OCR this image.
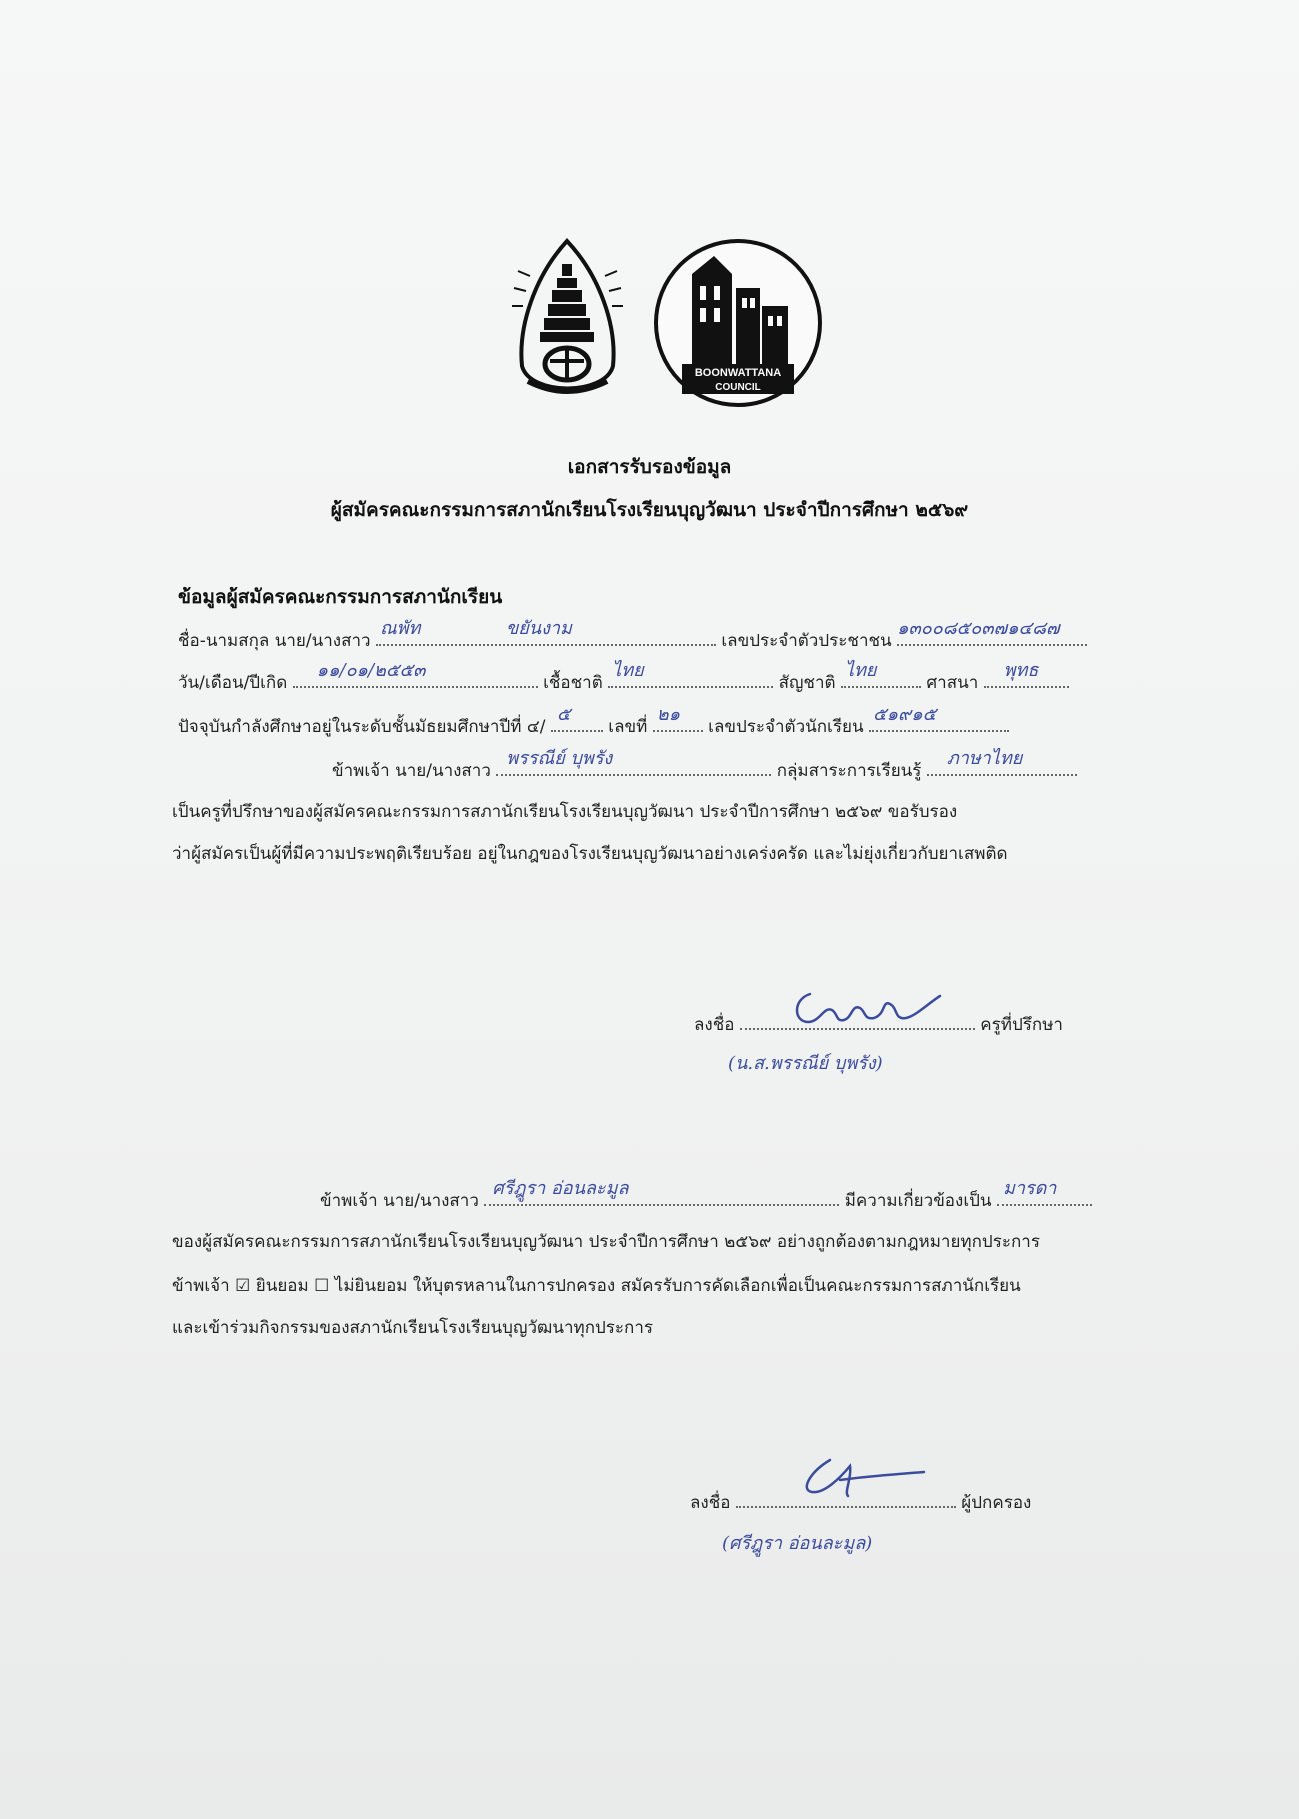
BOONWATTANA
COUNCIL
เอกสารรับรองข้อมูล
ผู้สมัครคณะกรรมการสภานักเรียนโรงเรียนบุญวัฒนา ประจำปีการศึกษา ๒๕๖๙
ข้อมูลผู้สมัครคณะกรรมการสภานักเรียน
ชื่อ-นามสกุล นาย/นางสาว
ณพัท	ขยันงาม
เลขประจำตัวประชาชน
๑๓๐๐๘๕๐๓๗๑๔๘๗
วัน/เดือน/ปีเกิด
๑๑/๐๑/๒๕๕๓
เชื้อชาติ
ไทย
สัญชาติ
ไทย
ศาสนา
พุทธ
ปัจจุบันกำลังศึกษาอยู่ในระดับชั้นมัธยมศึกษาปีที่ ๔/
๕
เลขที่
๒๑
เลขประจำตัวนักเรียน
๕๑๙๑๕
ข้าพเจ้า นาย/นางสาว
พรรณีย์ บุพรัง
กลุ่มสาระการเรียนรู้
ภาษาไทย
เป็นครูที่ปรึกษาของผู้สมัครคณะกรรมการสภานักเรียนโรงเรียนบุญวัฒนา ประจำปีการศึกษา ๒๕๖๙ ขอรับรอง
ว่าผู้สมัครเป็นผู้ที่มีความประพฤติเรียบร้อย อยู่ในกฎของโรงเรียนบุญวัฒนาอย่างเคร่งครัด และไม่ยุ่งเกี่ยวกับยาเสพติด
ลงชื่อ	ครูที่ปรึกษา
(น.ส.พรรณีย์ บุพรัง)
ข้าพเจ้า นาย/นางสาว
ศรีฎูรา อ่อนละมูล
มีความเกี่ยวข้องเป็น
มารดา
ของผู้สมัครคณะกรรมการสภานักเรียนโรงเรียนบุญวัฒนา ประจำปีการศึกษา ๒๕๖๙ อย่างถูกต้องตามกฎหมายทุกประการ
ข้าพเจ้า ☑ ยินยอม ☐ ไม่ยินยอม ให้บุตรหลานในการปกครอง สมัครรับการคัดเลือกเพื่อเป็นคณะกรรมการสภานักเรียน
และเข้าร่วมกิจกรรมของสภานักเรียนโรงเรียนบุญวัฒนาทุกประการ
ลงชื่อ	ผู้ปกครอง
(ศรีฎูรา อ่อนละมูล)
